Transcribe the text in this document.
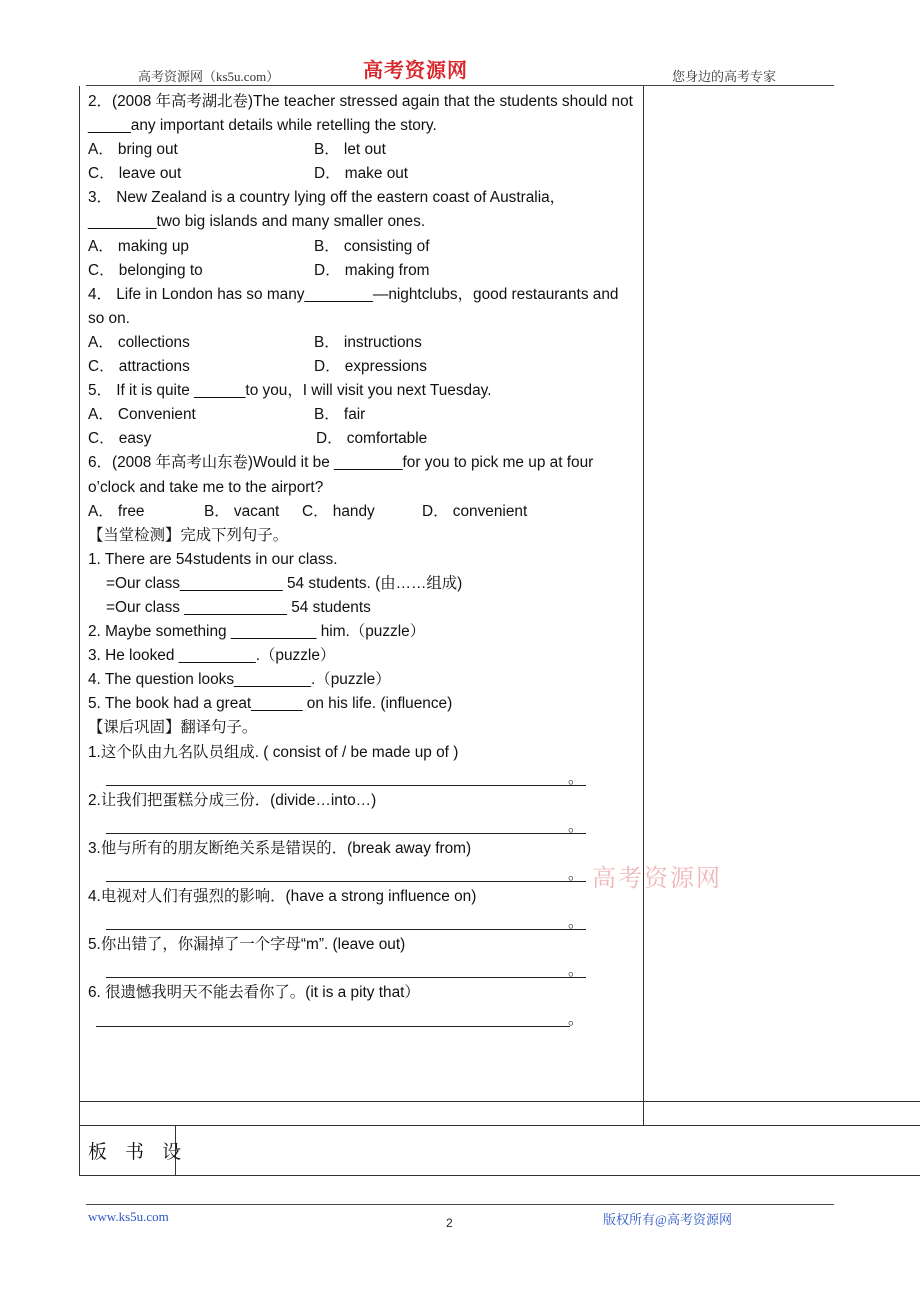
高考资源网（ks5u.com）	高考资源网	您身边的高考专家
2．(2008 年高考湖北卷)The teacher stressed again that the students should not _____any important details while retelling the story.
A． bring out	B． let out
C． leave out	D． make out
3． New Zealand is a country lying off the eastern coast of Australia，________two big islands and many smaller ones.
A． making up	B． consisting of
C． belonging to	D． making from
4． Life in London has so many________—nightclubs，good restaurants and so on.
A． collections	B． instructions
C． attractions	D． expressions
5． If it is quite ______to you，I will visit you next Tuesday.
A． Convenient	B． fair
C． easy	D． comfortable
6．(2008 年高考山东卷)Would it be ________for you to pick me up at four o’clock and take me to the airport?
A． free	B． vacant C． handy	D． convenient
【当堂检测】完成下列句子。
1. There are 54students in our class.
=Our class____________ 54 students. (由……组成)
=Our class ____________ 54 students
2. Maybe something __________ him.（puzzle）
3. He looked _________.（puzzle）
4. The question looks_________.（puzzle）
5. The book had a great______ on his life. (influence)
【课后巩固】翻译句子。
1.这个队由九名队员组成. ( consist of / be made up of )
。
2.让我们把蛋糕分成三份．(divide…into…)
。
3.他与所有的朋友断绝关系是错误的．(break away from)
。
4.电视对人们有强烈的影响．(have a strong influence on)
。
5.你出错了，你漏掉了一个字母“m”. (leave out)
。
6. 很遗憾我明天不能去看你了。(it is a pity that）
。
高考资源网
板 书 设
www.ks5u.com	2	版权所有@高考资源网
